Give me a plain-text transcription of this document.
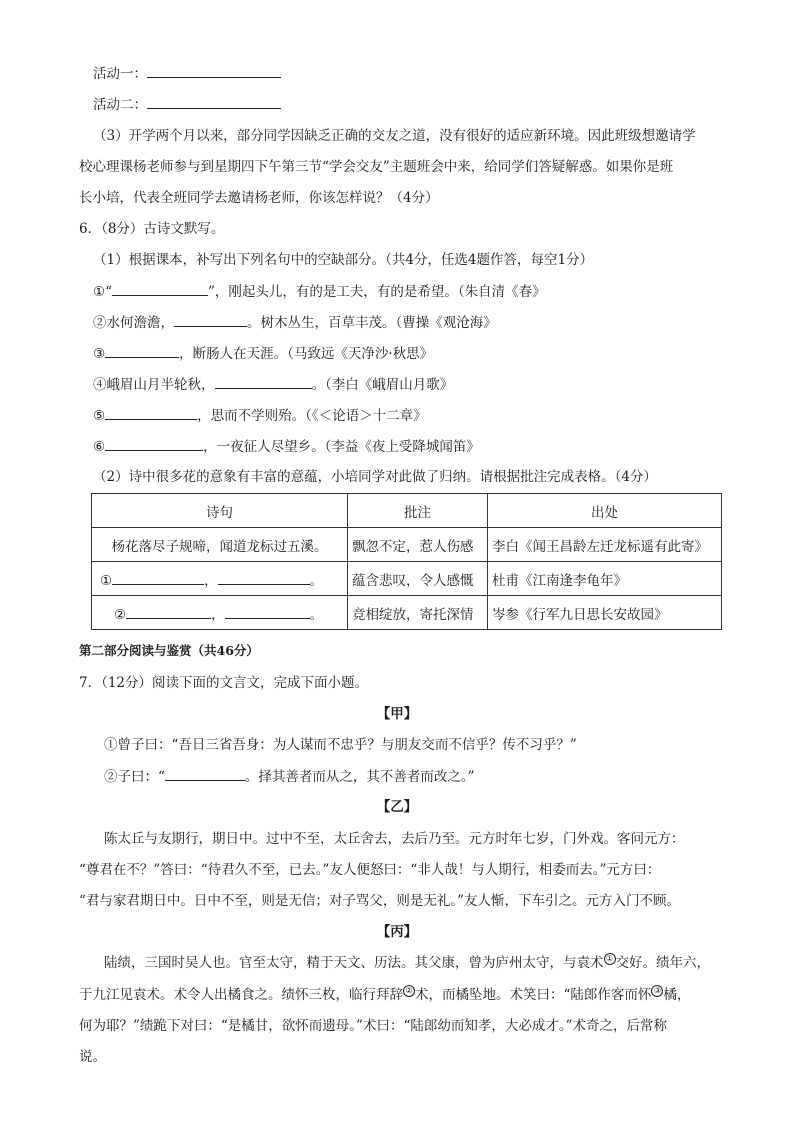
活动一：
活动二：
（3）开学两个月以来，部分同学因缺乏正确的交友之道，没有很好的适应新环境。因此班级想邀请学
校心理课杨老师参与到星期四下午第三节“学会交友”主题班会中来，给同学们答疑解惑。如果你是班
长小培，代表全班同学去邀请杨老师，你该怎样说？（4分）
6．（8分）古诗文默写。
（1）根据课本，补写出下列名句中的空缺部分。（共4分，任选4题作答，每空1分）
①“	”，刚起头儿，有的是工夫，有的是希望。（朱自清《春》
②水何澹澹，	。树木丛生，百草丰茂。（曹操《观沧海》
③	，断肠人在天涯。（马致远《天净沙·秋思》
④峨眉山月半轮秋，	。（李白《峨眉山月歌》
⑤	，思而不学则殆。（《＜论语＞十二章》
⑥	，一夜征人尽望乡。（李益《夜上受降城闻笛》
（2）诗中很多花的意象有丰富的意蕴，小培同学对此做了归纳。请根据批注完成表格。（4分）
诗句	批注	出处
杨花落尽子规啼，闻道龙标过五溪。	飘忽不定，惹人伤感	李白《闻王昌龄左迁龙标遥有此寄》
① ， 。	蕴含悲叹，令人感慨	杜甫《江南逢李龟年》
② ， 。	竞相绽放，寄托深情	岑参《行军九日思长安故园》
第二部分阅读与鉴赏（共46分）
7．（12分）阅读下面的文言文，完成下面小题。
【甲】
①曾子曰：“吾日三省吾身：为人谋而不忠乎？与朋友交而不信乎？传不习乎？”
②子曰：“	。择其善者而从之，其不善者而改之。”
【乙】
陈太丘与友期行，期日中。过中不至，太丘舍去，去后乃至。元方时年七岁，门外戏。客问元方：
“尊君在不？”答曰：“待君久不至，已去。”友人便怒曰：“非人哉！与人期行，相委而去。”元方曰：
“君与家君期日中。日中不至，则是无信；对子骂父，则是无礼。”友人惭，下车引之。元方入门不顾。
【丙】
陆绩，三国时吴人也。官至太守，精于天文、历法。其父康，曾为庐州太守，与袁术 ① 交好。绩年六，
于九江见袁术。术令人出橘食之。绩怀三枚，临行拜辞 ② 术，而橘坠地。术笑曰：“陆郎作客而怀 ③ 橘，
何为耶？”绩跪下对曰：“是橘甘，欲怀而遗母。”术曰：“陆郎幼而知孝，大必成才。”术奇之，后常称
说。
